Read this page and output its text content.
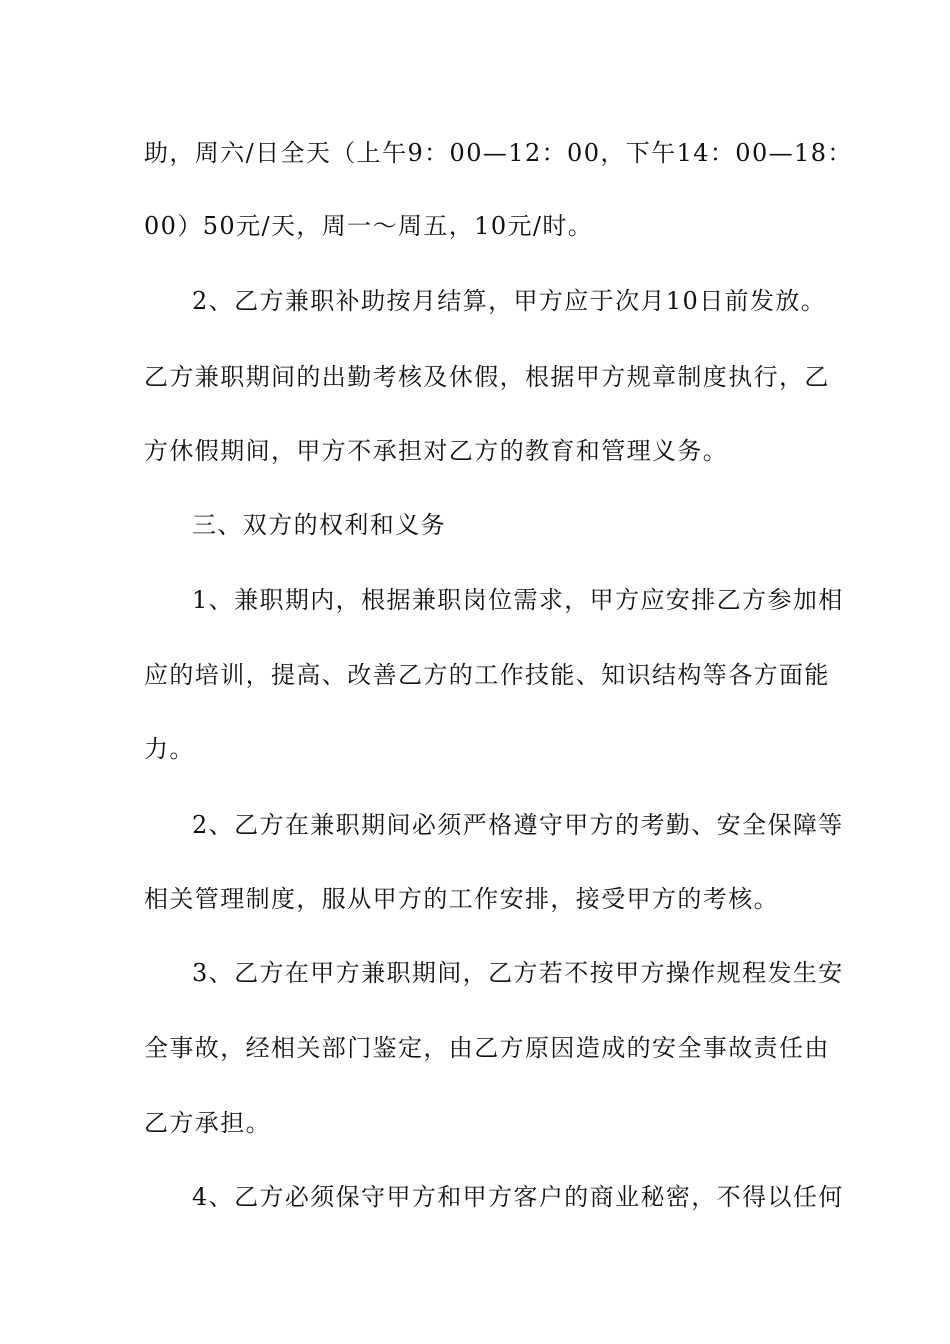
助，周六/日全天（上午9：00—12：00，下午14：00—18：
00）50元/天，周一～周五，10元/时。
2、乙方兼职补助按月结算，甲方应于次月10日前发放。
乙方兼职期间的出勤考核及休假，根据甲方规章制度执行，乙
方休假期间，甲方不承担对乙方的教育和管理义务。
三、双方的权利和义务
1、兼职期内，根据兼职岗位需求，甲方应安排乙方参加相
应的培训，提高、改善乙方的工作技能、知识结构等各方面能
力。
2、乙方在兼职期间必须严格遵守甲方的考勤、安全保障等
相关管理制度，服从甲方的工作安排，接受甲方的考核。
3、乙方在甲方兼职期间，乙方若不按甲方操作规程发生安
全事故，经相关部门鉴定，由乙方原因造成的安全事故责任由
乙方承担。
4、乙方必须保守甲方和甲方客户的商业秘密，不得以任何
